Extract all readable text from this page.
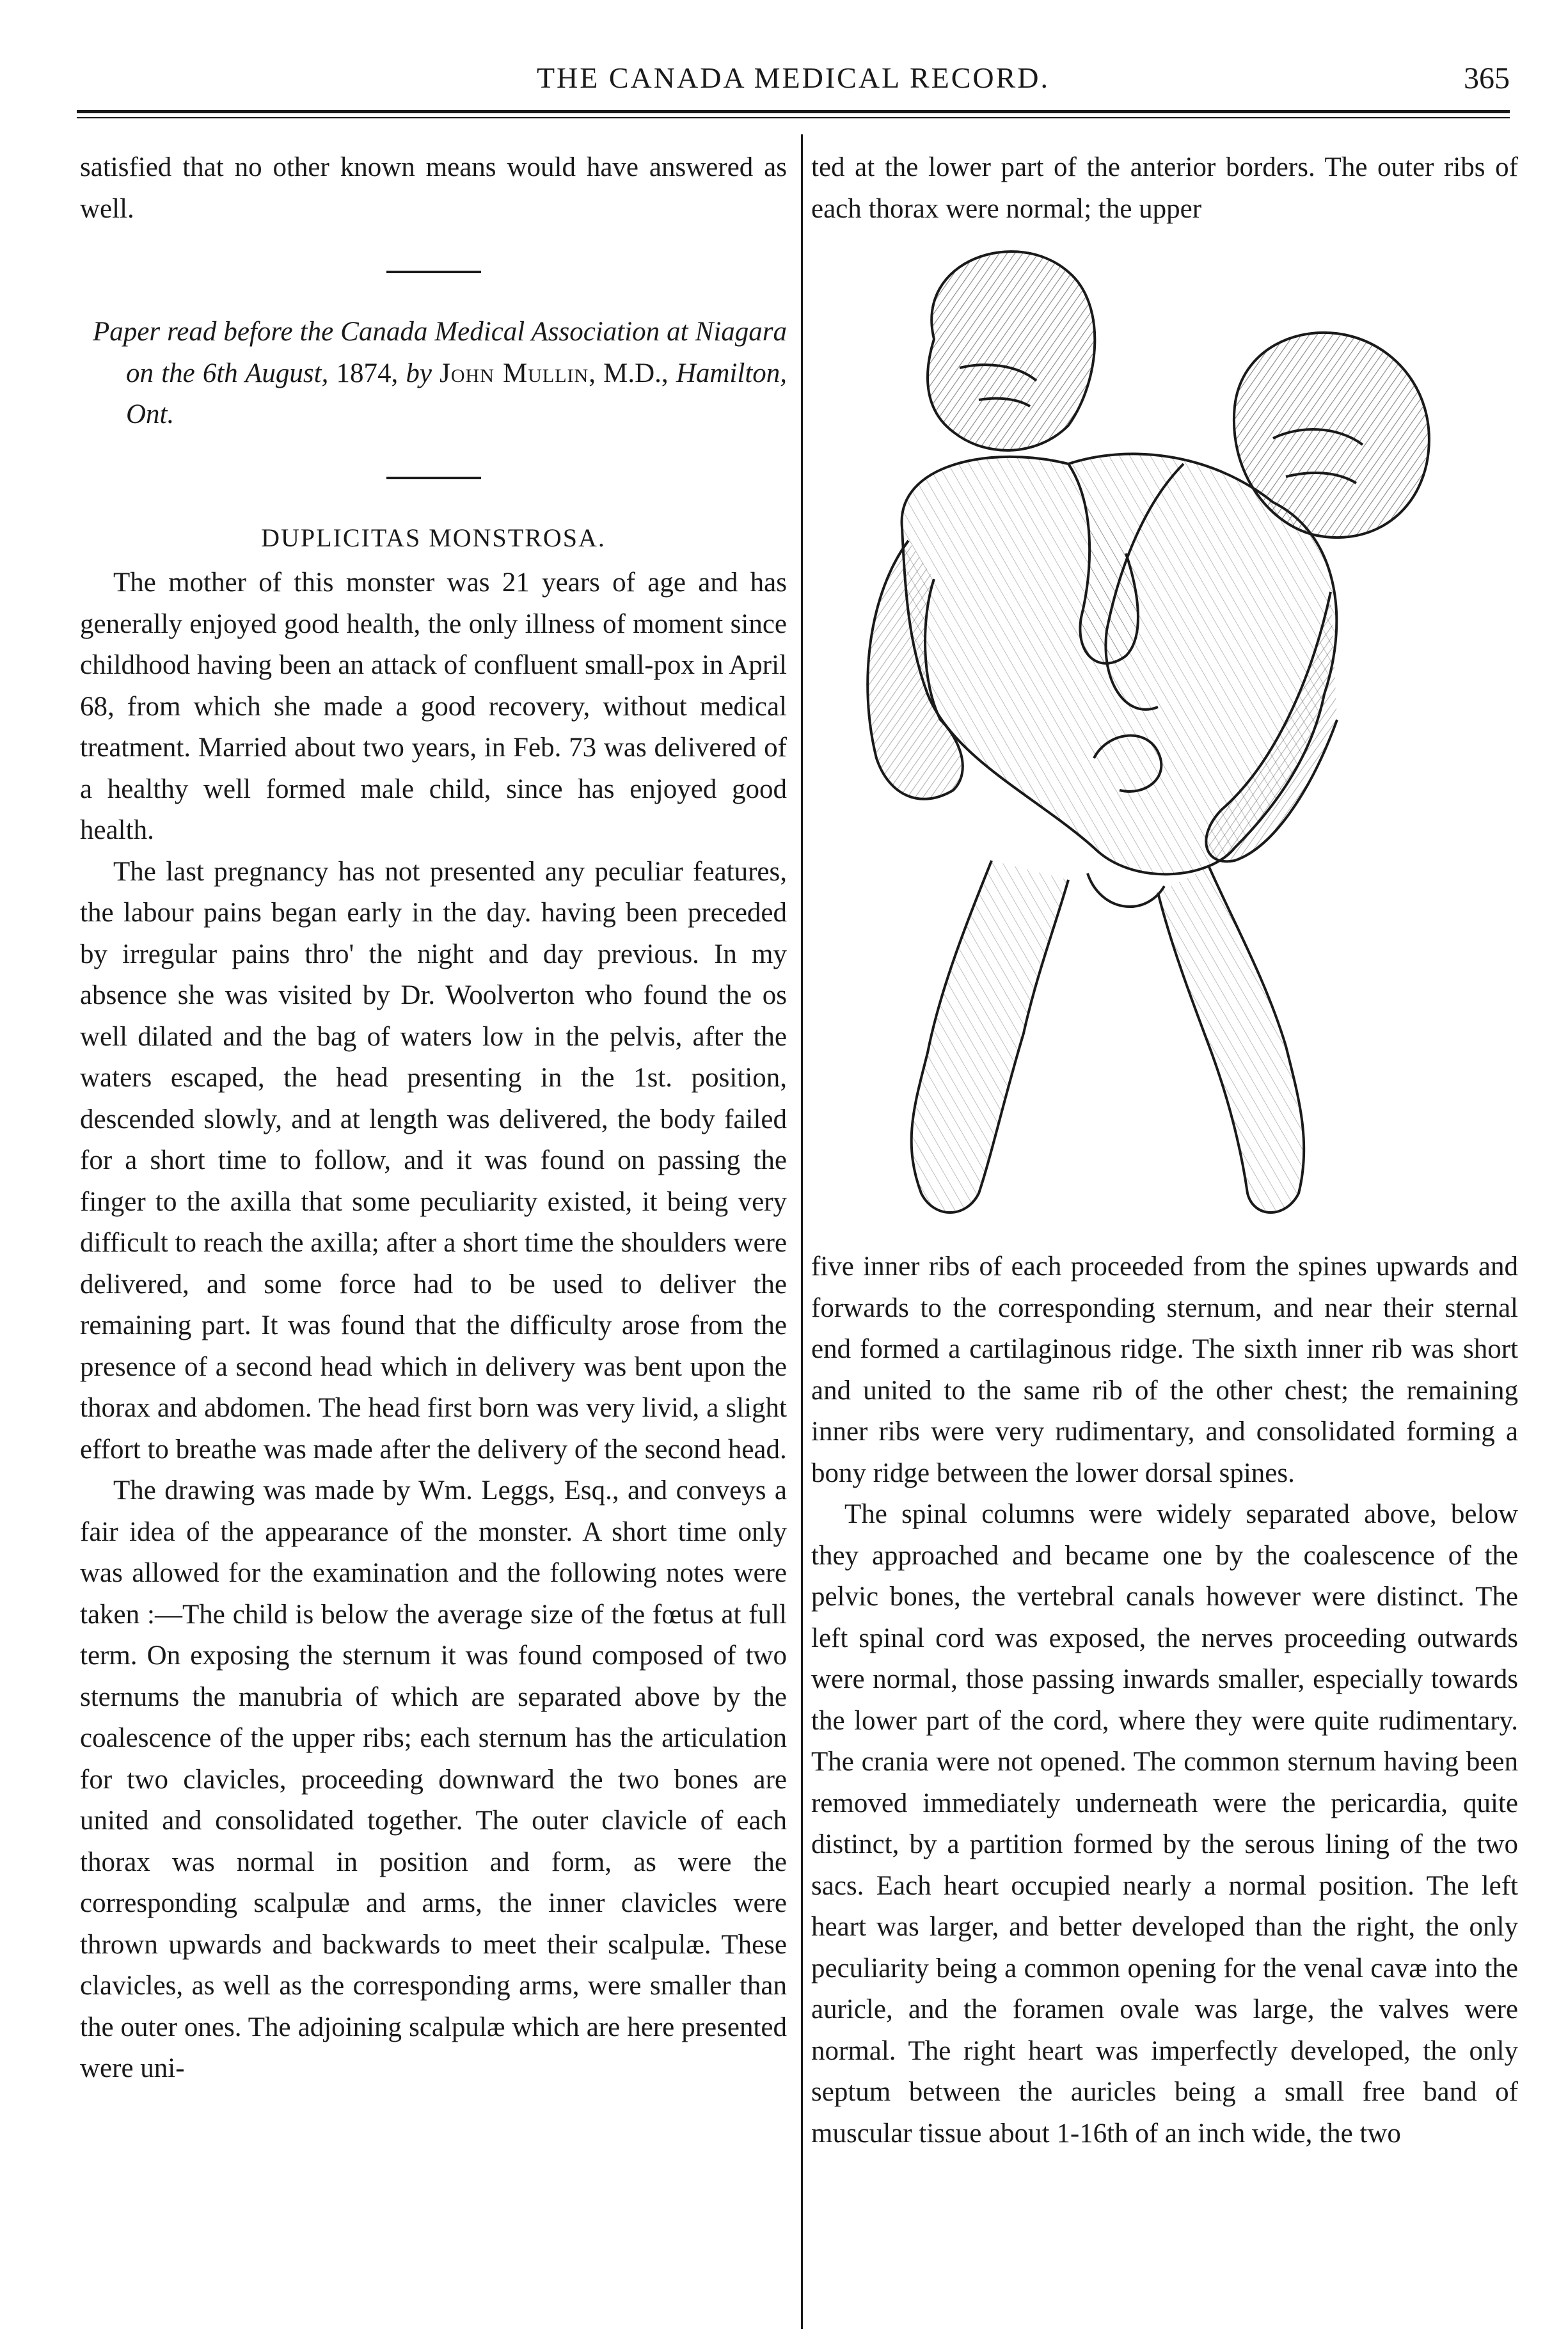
THE CANADA MEDICAL RECORD.	365

satisfied that no other known means would have answered as well.

Paper read before the Canada Medical Association at Niagara on the 6th August, 1874, by John Mullin, M.D., Hamilton, Ont.

DUPLICITAS MONSTROSA.

The mother of this monster was 21 years of age and has generally enjoyed good health, the only illness of moment since childhood having been an attack of confluent small-pox in April 68, from which she made a good recovery, without medical treatment. Married about two years, in Feb. 73 was delivered of a healthy well formed male child, since has enjoyed good health.

The last pregnancy has not presented any peculiar features, the labour pains began early in the day. having been preceded by irregular pains thro' the night and day previous. In my absence she was visited by Dr. Woolverton who found the os well dilated and the bag of waters low in the pelvis, after the waters escaped, the head presenting in the 1st. position, descended slowly, and at length was delivered, the body failed for a short time to follow, and it was found on passing the finger to the axilla that some peculiarity existed, it being very difficult to reach the axilla; after a short time the shoulders were delivered, and some force had to be used to deliver the remaining part. It was found that the difficulty arose from the presence of a second head which in delivery was bent upon the thorax and abdomen. The head first born was very livid, a slight effort to breathe was made after the delivery of the second head.

The drawing was made by Wm. Leggs, Esq., and conveys a fair idea of the appearance of the monster. A short time only was allowed for the examination and the following notes were taken :—The child is below the average size of the fœtus at full term. On exposing the sternum it was found composed of two sternums the manubria of which are separated above by the coalescence of the upper ribs; each sternum has the articulation for two clavicles, proceeding downward the two bones are united and consolidated together. The outer clavicle of each thorax was normal in position and form, as were the corresponding scalpulæ and arms, the inner clavicles were thrown upwards and backwards to meet their scalpulæ. These clavicles, as well as the corresponding arms, were smaller than the outer ones. The adjoining scalpulæ which are here presented were uni-

ted at the lower part of the anterior borders. The outer ribs of each thorax were normal; the upper

five inner ribs of each proceeded from the spines upwards and forwards to the corresponding sternum, and near their sternal end formed a cartilaginous ridge. The sixth inner rib was short and united to the same rib of the other chest; the remaining inner ribs were very rudimentary, and consolidated forming a bony ridge between the lower dorsal spines.

The spinal columns were widely separated above, below they approached and became one by the coalescence of the pelvic bones, the vertebral canals however were distinct. The left spinal cord was exposed, the nerves proceeding outwards were normal, those passing inwards smaller, especially towards the lower part of the cord, where they were quite rudimentary. The crania were not opened. The common sternum having been removed immediately underneath were the pericardia, quite distinct, by a partition formed by the serous lining of the two sacs. Each heart occupied nearly a normal position. The left heart was larger, and better developed than the right, the only peculiarity being a common opening for the venal cavæ into the auricle, and the foramen ovale was large, the valves were normal. The right heart was imperfectly developed, the only septum between the auricles being a small free band of muscular tissue about 1-16th of an inch wide, the two
